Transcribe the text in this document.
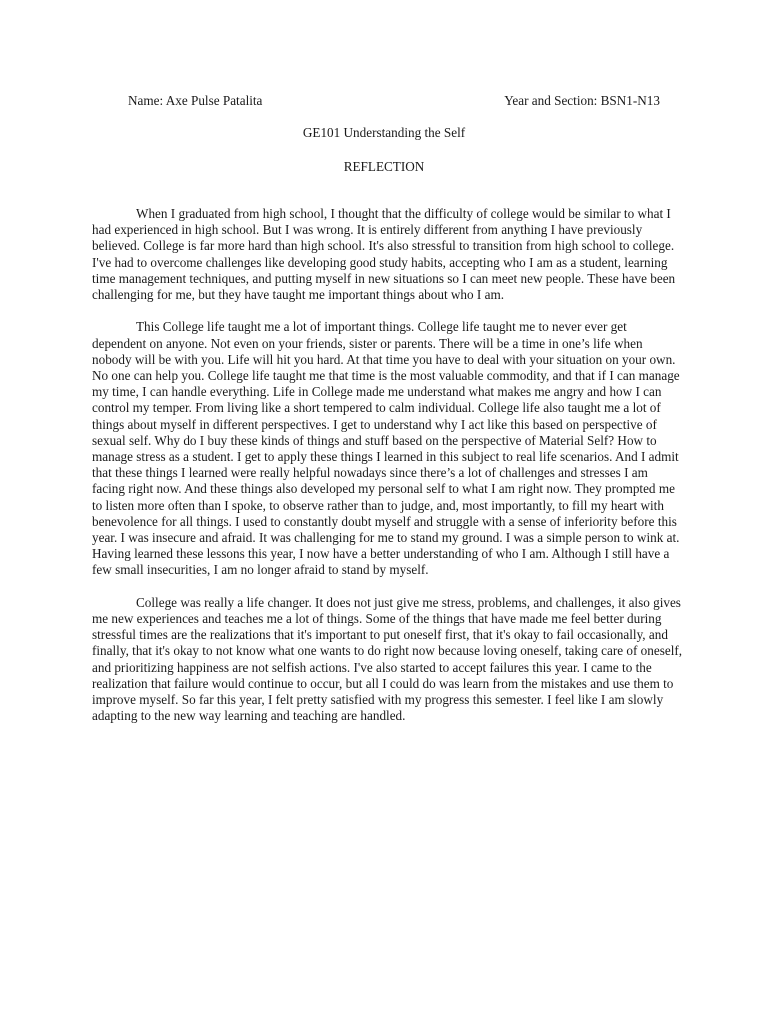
Name: Axe Pulse Patalita	Year and Section: BSN1-N13
GE101 Understanding the Self
REFLECTION

When I graduated from high school, I thought that the difficulty of college would be similar to what I had experienced in high school. But I was wrong. It is entirely different from anything I have previously believed. College is far more hard than high school. It's also stressful to transition from high school to college. I've had to overcome challenges like developing good study habits, accepting who I am as a student, learning time management techniques, and putting myself in new situations so I can meet new people. These have been challenging for me, but they have taught me important things about who I am.

This College life taught me a lot of important things. College life taught me to never ever get dependent on anyone. Not even on your friends, sister or parents. There will be a time in one’s life when nobody will be with you. Life will hit you hard. At that time you have to deal with your situation on your own. No one can help you. College life taught me that time is the most valuable commodity, and that if I can manage my time, I can handle everything. Life in College made me understand what makes me angry and how I can control my temper. From living like a short tempered to calm individual. College life also taught me a lot of things about myself in different perspectives. I get to understand why I act like this based on perspective of sexual self. Why do I buy these kinds of things and stuff based on the perspective of Material Self? How to manage stress as a student. I get to apply these things I learned in this subject to real life scenarios. And I admit that these things I learned were really helpful nowadays since there’s a lot of challenges and stresses I am facing right now. And these things also developed my personal self to what I am right now. They prompted me to listen more often than I spoke, to observe rather than to judge, and, most importantly, to fill my heart with benevolence for all things. I used to constantly doubt myself and struggle with a sense of inferiority before this year. I was insecure and afraid. It was challenging for me to stand my ground. I was a simple person to wink at. Having learned these lessons this year, I now have a better understanding of who I am. Although I still have a few small insecurities, I am no longer afraid to stand by myself.

College was really a life changer. It does not just give me stress, problems, and challenges, it also gives me new experiences and teaches me a lot of things. Some of the things that have made me feel better during stressful times are the realizations that it's important to put oneself first, that it's okay to fail occasionally, and finally, that it's okay to not know what one wants to do right now because loving oneself, taking care of oneself, and prioritizing happiness are not selfish actions. I've also started to accept failures this year. I came to the realization that failure would continue to occur, but all I could do was learn from the mistakes and use them to improve myself. So far this year, I felt pretty satisfied with my progress this semester. I feel like I am slowly adapting to the new way learning and teaching are handled.
